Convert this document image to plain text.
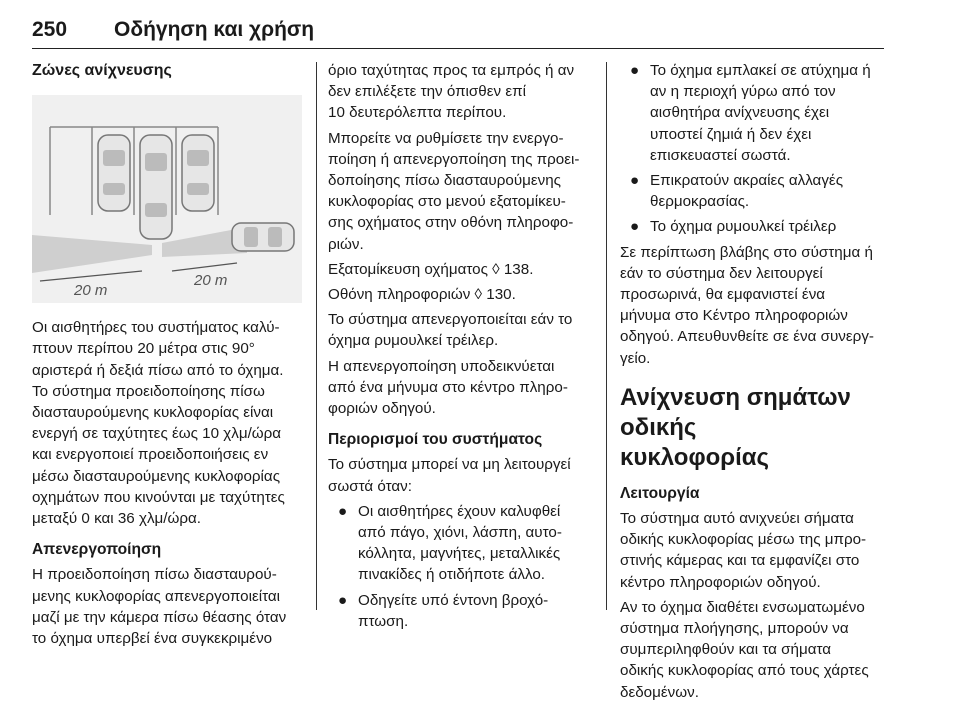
250 Οδήγηση και χρήση

Ζώνες ανίχνευσης

20 m
20 m

Οι αισθητήρες του συστήματος καλύ-

πτουν περίπου 20 μέτρα στις 90°

αριστερά ή δεξιά πίσω από το όχημα.

Το σύστημα προειδοποίησης πίσω

διασταυρούμενης κυκλοφορίας είναι

ενεργή σε ταχύτητες έως 10 χλμ/ώρα

και ενεργοποιεί προειδοποιήσεις εν

μέσω διασταυρούμενης κυκλοφορίας

οχημάτων που κινούνται με ταχύτητες

μεταξύ 0 και 36 χλμ/ώρα.

Απενεργοποίηση

Η προειδοποίηση πίσω διασταυρού-

μενης κυκλοφορίας απενεργοποιείται

μαζί με την κάμερα πίσω θέασης όταν

το όχημα υπερβεί ένα συγκεκριμένο

όριο ταχύτητας προς τα εμπρός ή αν

δεν επιλέξετε την όπισθεν επί

10 δευτερόλεπτα περίπου.

Μπορείτε να ρυθμίσετε την ενεργο-

ποίηση ή απενεργοποίηση της προει-

δοποίησης πίσω διασταυρούμενης

κυκλοφορίας στο μενού εξατομίκευ-

σης οχήματος στην οθόνη πληροφο-

ριών.

Εξατομίκευση οχήματος ◊ 138.

Οθόνη πληροφοριών ◊ 130.

Το σύστημα απενεργοποιείται εάν το

όχημα ρυμουλκεί τρέιλερ.

Η απενεργοποίηση υποδεικνύεται

από ένα μήνυμα στο κέντρο πληρο-

φοριών οδηγού.

Περιορισμοί του συστήματος

Το σύστημα μπορεί να μη λειτουργεί

σωστά όταν:

● Οι αισθητήρες έχουν καλυφθεί

από πάγο, χιόνι, λάσπη, αυτο-

κόλλητα, μαγνήτες, μεταλλικές

πινακίδες ή οτιδήποτε άλλο.

● Οδηγείτε υπό έντονη βροχό-

πτωση.

● Το όχημα εμπλακεί σε ατύχημα ή

αν η περιοχή γύρω από τον

αισθητήρα ανίχνευσης έχει

υποστεί ζημιά ή δεν έχει

επισκευαστεί σωστά.

● Επικρατούν ακραίες αλλαγές

θερμοκρασίας.

● Το όχημα ρυμουλκεί τρέιλερ

Σε περίπτωση βλάβης στο σύστημα ή

εάν το σύστημα δεν λειτουργεί

προσωρινά, θα εμφανιστεί ένα

μήνυμα στο Κέντρο πληροφοριών

οδηγού. Απευθυνθείτε σε ένα συνεργ-

γείο.

Ανίχνευση σημάτων οδικής

κυκλοφορίας

Λειτουργία

Το σύστημα αυτό ανιχνεύει σήματα

οδικής κυκλοφορίας μέσω της μπρο-

στινής κάμερας και τα εμφανίζει στο

κέντρο πληροφοριών οδηγού.

Αν το όχημα διαθέτει ενσωματωμένο

σύστημα πλοήγησης, μπορούν να

συμπεριληφθούν και τα σήματα

οδικής κυκλοφορίας από τους χάρτες

δεδομένων.
